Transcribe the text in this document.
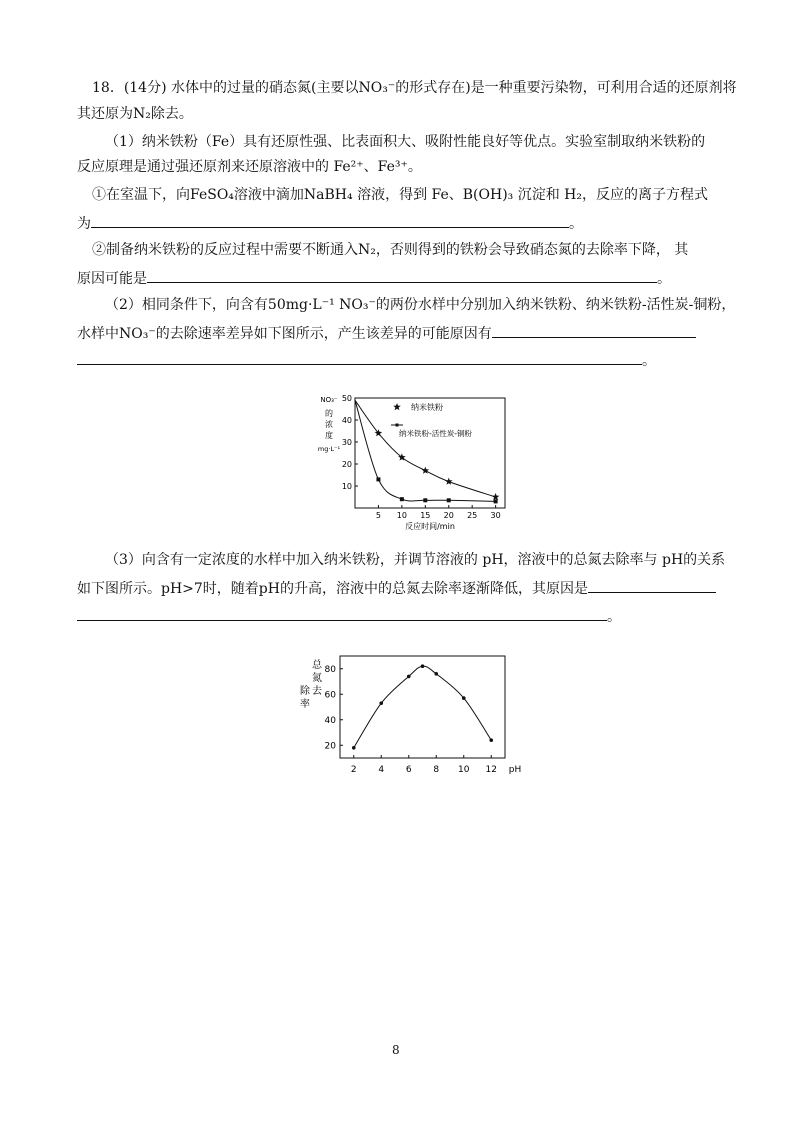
18．(14分) 水体中的过量的硝态氮(主要以NO₃⁻的形式存在)是一种重要污染物，可利用合适的还原剂将
其还原为N₂除去。
（1）纳米铁粉（Fe）具有还原性强、比表面积大、吸附性能良好等优点。实验室制取纳米铁粉的
反应原理是通过强还原剂来还原溶液中的 Fe²⁺、Fe³⁺。
①在室温下，向FeSO₄溶液中滴加NaBH₄ 溶液，得到 Fe、B(OH)₃ 沉淀和 H₂，反应的离子方程式
为	。
②制备纳米铁粉的反应过程中需要不断通入N₂，否则得到的铁粉会导致硝态氮的去除率下降， 其
原因可能是	。
（2）相同条件下，向含有50mg·L⁻¹ NO₃⁻的两份水样中分别加入纳米铁粉、纳米铁粉-活性炭-铜粉，
水样中NO₃⁻的去除速率差异如下图所示，产生该差异的可能原因有
。
10
20
30
40
50
5 10 15 20 25 30
反应时间/min
NO₃⁻
的浓度
mg·L⁻¹
纳米铁粉
纳米铁粉-活性炭-铜粉
（3）向含有一定浓度的水样中加入纳米铁粉，并调节溶液的 pH，溶液中的总氮去除率与 pH的关系
如下图所示。pH>7时，随着pH的升高，溶液中的总氮去除率逐渐降低，其原因是
。
20
40
60
80
2 4 6 8 10 12 pH
总氮去
除率
8
